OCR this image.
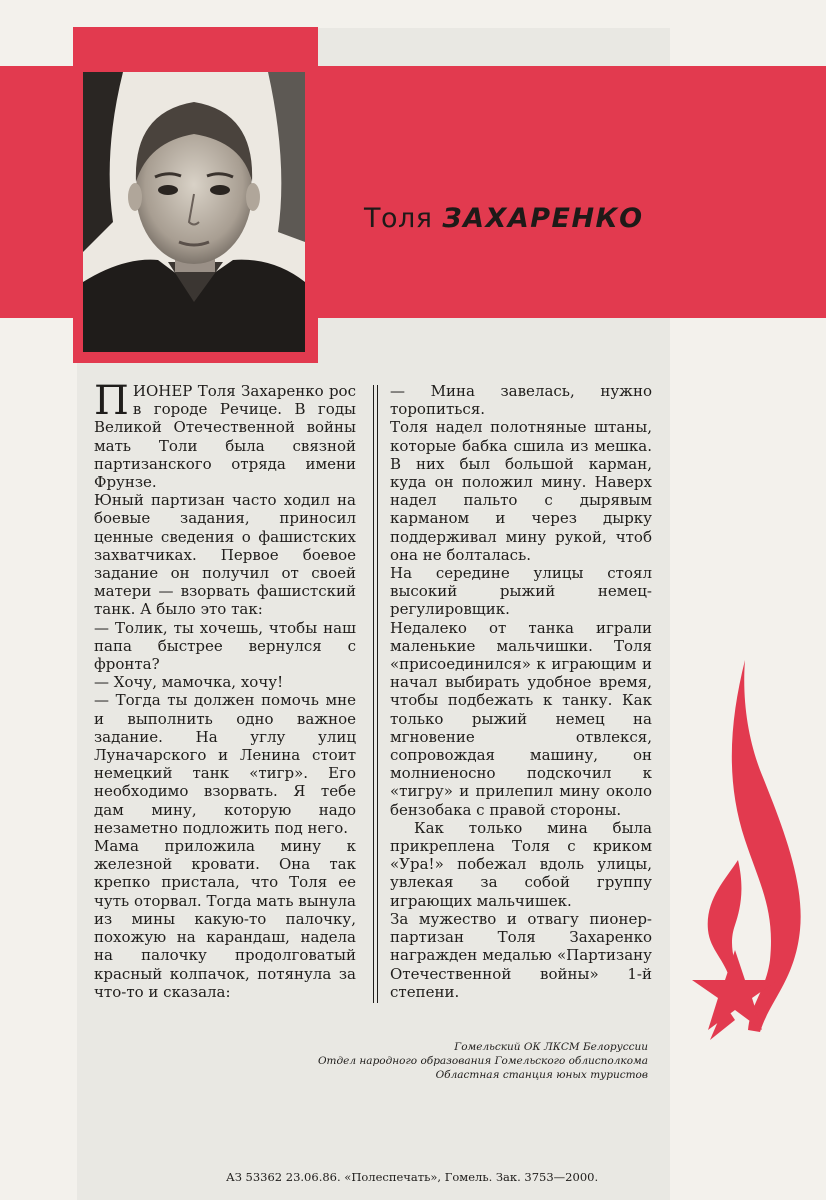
Толя ЗАХАРЕНКО

ПИОНЕР Толя Захаренко рос в городе Речице. В годы Великой Отечественной войны мать Толи была связной партизанского отряда имени Фрунзе.

Юный партизан часто ходил на боевые задания, приносил ценные сведения о фашистских захватчиках. Первое боевое задание он получил от своей матери — взорвать фашистский танк. А было это так:

— Толик, ты хочешь, чтобы наш папа быстрее вернулся с фронта?

— Хочу, мамочка, хочу!

— Тогда ты должен помочь мне и выполнить одно важное задание. На углу улиц Луначарского и Ленина стоит немецкий танк «тигр». Его необходимо взорвать. Я тебе дам мину, которую надо незаметно подложить под него.

Мама приложила мину к железной кровати. Она так крепко пристала, что Толя ее чуть оторвал. Тогда мать вынула из мины какую-то палочку, похожую на карандаш, надела на палочку продолговатый красный колпачок, потянула за что-то и сказала:

— Мина завелась, нужно торопиться.

Толя надел полотняные штаны, которые бабка сшила из мешка. В них был большой карман, куда он положил мину. Наверх надел пальто с дырявым карманом и через дырку поддерживал мину рукой, чтоб она не болталась.

На середине улицы стоял высокий рыжий немец-регулировщик.

Недалеко от танка играли маленькие мальчишки. Толя «присоединился» к играющим и начал выбирать удобное время, чтобы подбежать к танку. Как только рыжий немец на мгновение отвлекся, сопровождая машину, он молниеносно подскочил к «тигру» и прилепил мину около бензобака с правой стороны.

Как только мина была прикреплена Толя с криком «Ура!» побежал вдоль улицы, увлекая за собой группу играющих мальчишек.

За мужество и отвагу пионер-партизан Толя Захаренко награжден медалью «Партизану Отечественной войны» 1-й степени.

Гомельский ОК ЛКСМ Белоруссии
Отдел народного образования Гомельского облисполкома
Областная станция юных туристов
АЗ 53362 23.06.86. «Полеспечать», Гомель. Зак. 3753—2000.
